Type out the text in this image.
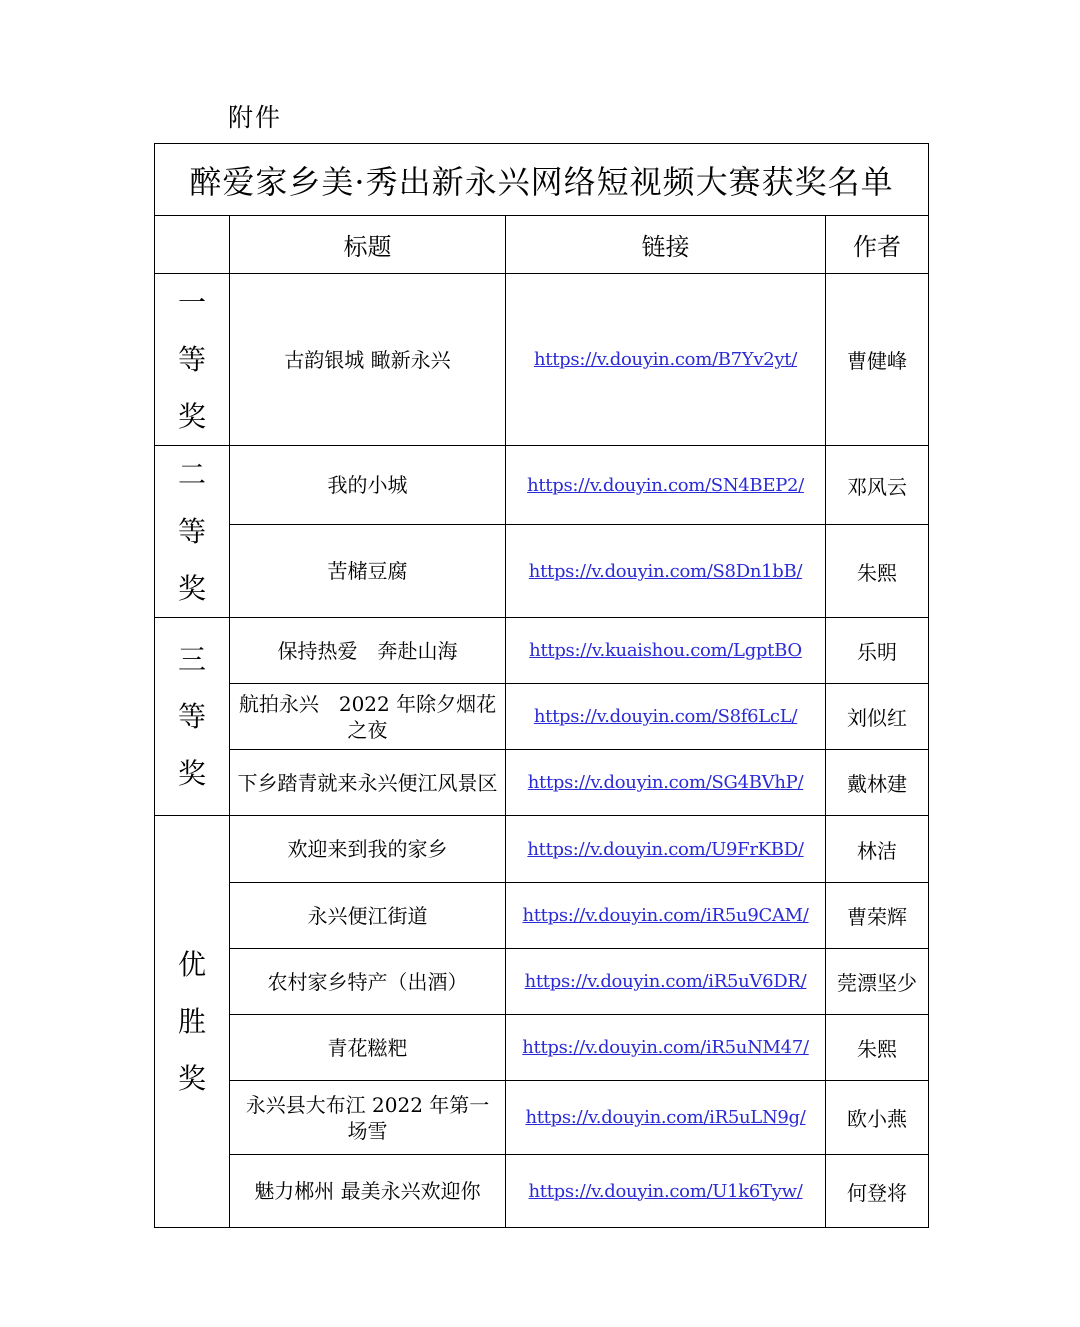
附件
醉爱家乡美·秀出新永兴网络短视频大赛获奖名单			
	标题	链接	作者

一等奖	古韵银城 瞰新永兴	https://v.douyin.com/B7Yv2yt/	曹健峰

二等奖	我的小城	https://v.douyin.com/SN4BEP2/	邓风云
	苦槠豆腐	https://v.douyin.com/S8Dn1bB/	朱熙

三等奖	保持热爱　奔赴山海	https://v.kuaishou.com/LgptBO	乐明
	航拍永兴　2022 年除夕烟花之夜	https://v.douyin.com/S8f6LcL/	刘似红
	下乡踏青就来永兴便江风景区	https://v.douyin.com/SG4BVhP/	戴林建

优胜奖	欢迎来到我的家乡	https://v.douyin.com/U9FrKBD/	林洁
	永兴便江街道	https://v.douyin.com/iR5u9CAM/	曹荣辉
	农村家乡特产（出酒）	https://v.douyin.com/iR5uV6DR/	莞漂坚少
	青花糍粑	https://v.douyin.com/iR5uNM47/	朱熙
	永兴县大布江 2022 年第一场雪	https://v.douyin.com/iR5uLN9g/	欧小燕
	魅力郴州 最美永兴欢迎你	https://v.douyin.com/U1k6Tyw/	何登将
